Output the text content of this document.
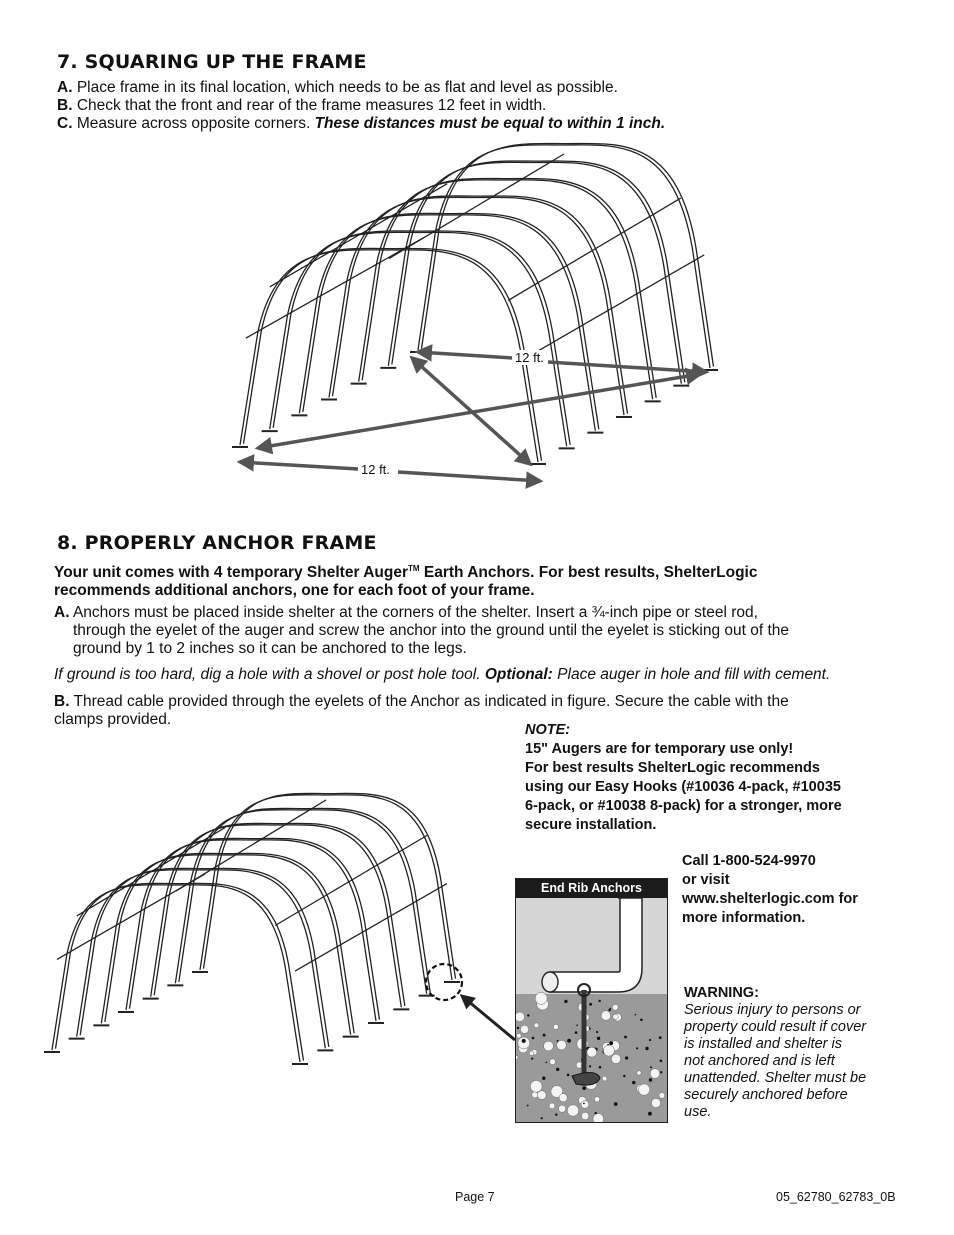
7. SQUARING UP THE FRAME
A. Place frame in its final location, which needs to be as flat and level as possible.
B. Check that the front and rear of the frame measures 12 feet in width.
C. Measure across opposite corners. These distances must be equal to within 1 inch.
12 ft.
12 ft.
8. PROPERLY ANCHOR FRAME
Your unit comes with 4 temporary Shelter Auger™ Earth Anchors. For best results, ShelterLogic
recommends additional anchors, one for each foot of your frame.
A. Anchors must be placed inside shelter at the corners of the shelter. Insert a ¾-inch pipe or steel rod,
through the eyelet of the auger and screw the anchor into the ground until the eyelet is sticking out of the
ground by 1 to 2 inches so it can be anchored to the legs.
If ground is too hard, dig a hole with a shovel or post hole tool. Optional: Place auger in hole and fill with cement.
B. Thread cable provided through the eyelets of the Anchor as indicated in figure. Secure the cable with the
clamps provided.
NOTE:
15" Augers are for temporary use only!
For best results ShelterLogic recommends
using our Easy Hooks (#10036 4-pack, #10035
6-pack, or #10038 8-pack) for a stronger, more
secure installation.
Call 1-800-524-9970
or visit
www.shelterlogic.com for
more information.
WARNING:
Serious injury to persons or
property could result if cover
is installed and shelter is
not anchored and is left
unattended. Shelter must be
securely anchored before
use.
End Rib Anchors
Page 7	05_62780_62783_0B
